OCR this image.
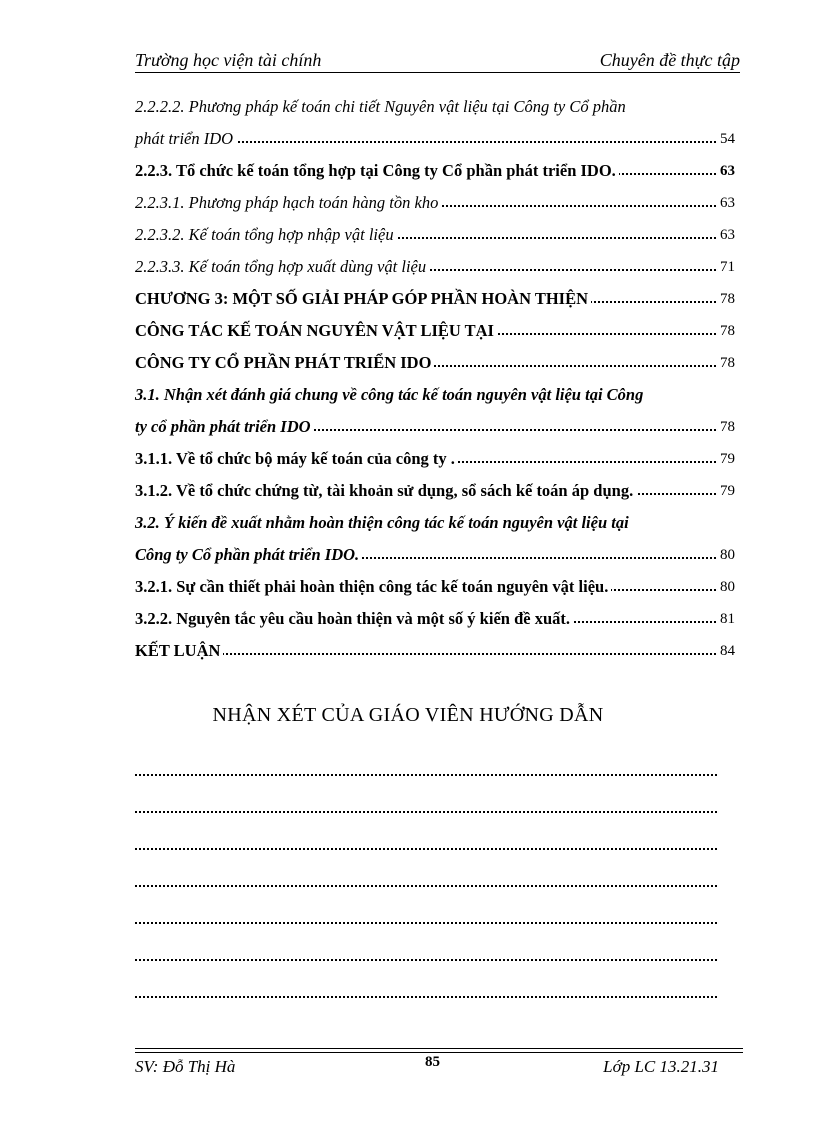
Trường học viện tài chính	Chuyên đề thực tập
2.2.2.2. Phương pháp kế toán chi tiết Nguyên vật liệu tại Công ty Cổ phần
phát triển IDO	54
2.2.3. Tổ chức kế toán tổng hợp tại Công ty Cổ phần phát triển IDO.	63
2.2.3.1. Phương pháp hạch toán hàng tồn kho	63
2.2.3.2. Kế toán tổng hợp nhập vật liệu	63
2.2.3.3. Kế toán tổng hợp xuất dùng vật liệu	71
CHƯƠNG 3: MỘT SỐ GIẢI PHÁP GÓP PHẦN HOÀN THIỆN	78
CÔNG TÁC KẾ TOÁN NGUYÊN VẬT LIỆU TẠI	78
CÔNG TY CỔ PHẦN PHÁT TRIỂN IDO	78
3.1. Nhận xét đánh giá chung về công tác kế toán nguyên vật liệu tại Công
ty cổ phần phát triển IDO	78
3.1.1. Về tổ chức bộ máy kế toán của công ty .	79
3.1.2. Về tổ chức chứng từ, tài khoản sử dụng, sổ sách kế toán áp dụng.	79
3.2. Ý kiến đề xuất nhằm hoàn thiện công tác kế toán nguyên vật liệu tại
Công ty Cổ phần phát triển IDO.	80
3.2.1. Sự cần thiết phải hoàn thiện công tác kế toán nguyên vật liệu.	80
3.2.2. Nguyên tắc yêu cầu hoàn thiện và một số ý kiến đề xuất.	81
KẾT LUẬN	84
NHẬN XÉT CỦA GIÁO VIÊN HƯỚNG DẪN
SV: Đỗ Thị Hà	85	Lớp LC 13.21.31
